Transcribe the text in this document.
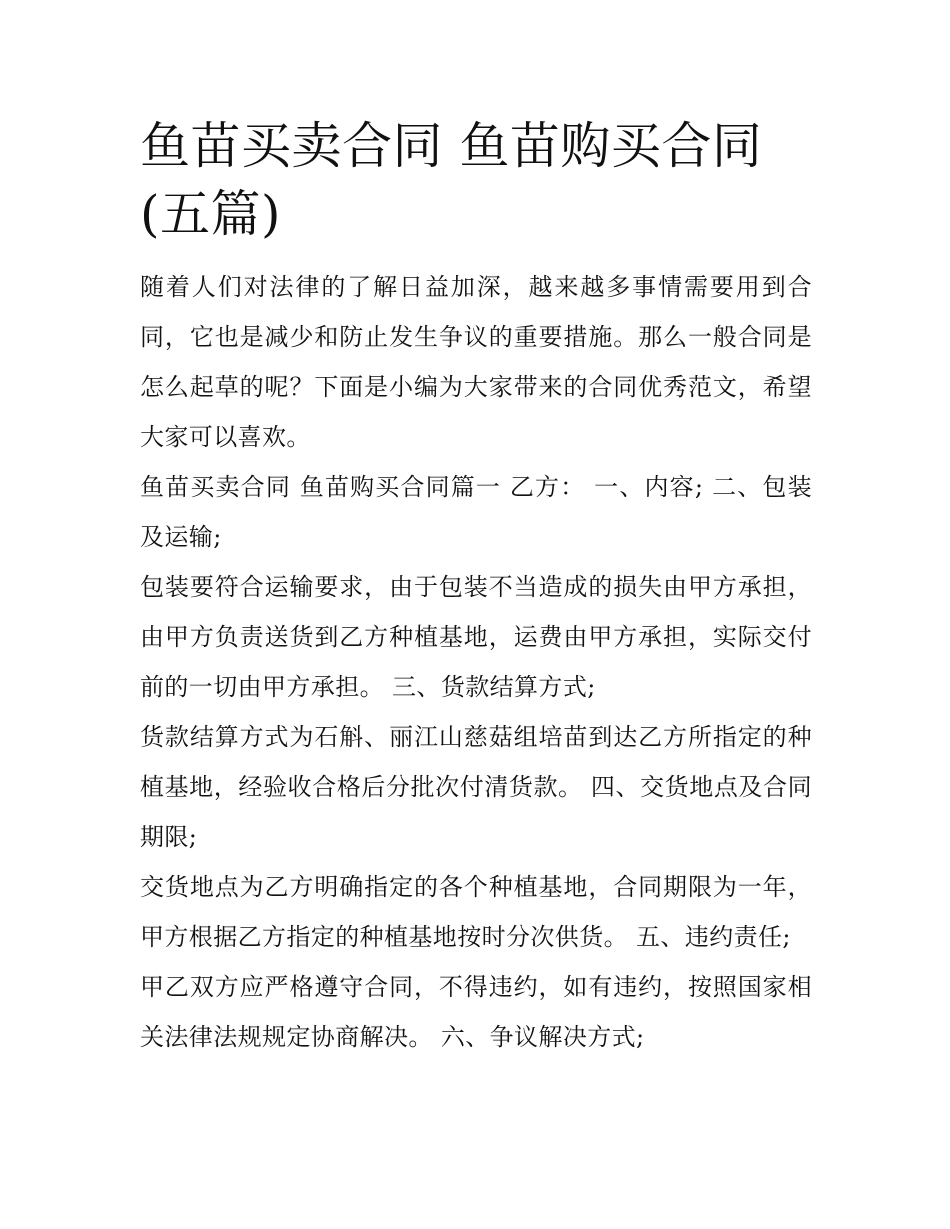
鱼苗买卖合同 鱼苗购买合同
(五篇)

随着人们对法律的了解日益加深，越来越多事情需要用到合同，它也是减少和防止发生争议的重要措施。那么一般合同是怎么起草的呢？下面是小编为大家带来的合同优秀范文，希望大家可以喜欢。

鱼苗买卖合同 鱼苗购买合同篇一 乙方： 一、内容; 二、包装及运输;

包装要符合运输要求，由于包装不当造成的损失由甲方承担，由甲方负责送货到乙方种植基地，运费由甲方承担，实际交付前的一切由甲方承担。 三、货款结算方式;

货款结算方式为石斛、丽江山慈菇组培苗到达乙方所指定的种植基地，经验收合格后分批次付清货款。 四、交货地点及合同期限;

交货地点为乙方明确指定的各个种植基地，合同期限为一年，甲方根据乙方指定的种植基地按时分次供货。 五、违约责任;

甲乙双方应严格遵守合同，不得违约，如有违约，按照国家相关法律法规规定协商解决。 六、争议解决方式;
